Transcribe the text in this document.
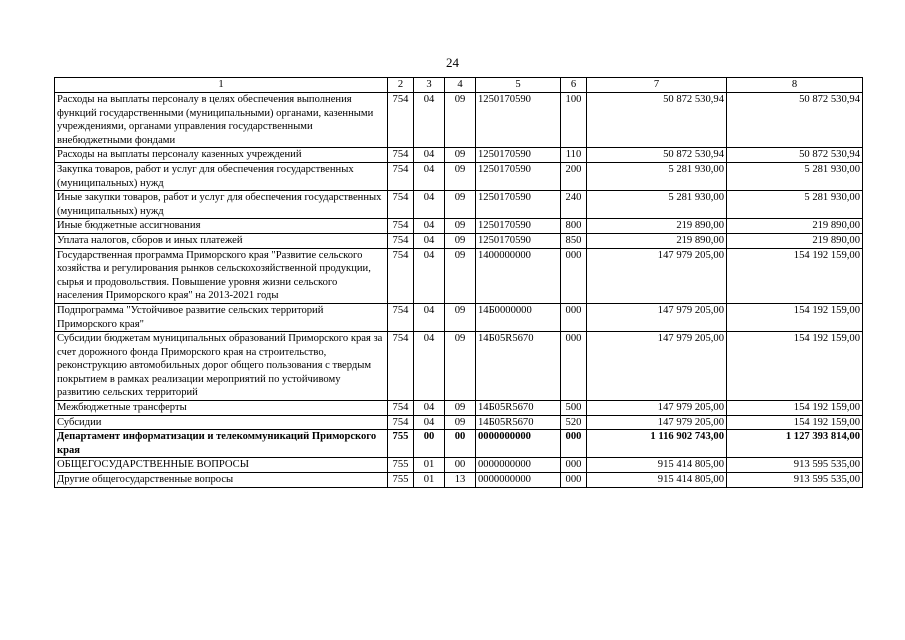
24
1	2	3	4	5	6	7	8
Расходы на выплаты персоналу в целях обеспечения выполнения функций государственными (муниципальными) органами, казенными учреждениями, органами управления государственными внебюджетными фондами	754	04	09	1250170590	100	50 872 530,94	50 872 530,94
Расходы на выплаты персоналу казенных учреждений	754	04	09	1250170590	110	50 872 530,94	50 872 530,94
Закупка товаров, работ и услуг для обеспечения государственных (муниципальных) нужд	754	04	09	1250170590	200	5 281 930,00	5 281 930,00
Иные закупки товаров, работ и услуг для обеспечения государственных (муниципальных) нужд	754	04	09	1250170590	240	5 281 930,00	5 281 930,00
Иные бюджетные ассигнования	754	04	09	1250170590	800	219 890,00	219 890,00
Уплата налогов, сборов и иных платежей	754	04	09	1250170590	850	219 890,00	219 890,00
Государственная программа Приморского края "Развитие сельского хозяйства и регулирования рынков сельскохозяйственной продукции, сырья и продовольствия. Повышение уровня жизни сельского населения Приморского края" на 2013-2021 годы	754	04	09	1400000000	000	147 979 205,00	154 192 159,00
Подпрограмма "Устойчивое развитие сельских территорий Приморского края"	754	04	09	14Б0000000	000	147 979 205,00	154 192 159,00
Субсидии бюджетам муниципальных образований Приморского края за счет дорожного фонда Приморского края на строительство, реконструкцию автомобильных дорог общего пользования с твердым покрытием в рамках реализации мероприятий по устойчивому развитию сельских территорий	754	04	09	14Б05R5670	000	147 979 205,00	154 192 159,00
Межбюджетные трансферты	754	04	09	14Б05R5670	500	147 979 205,00	154 192 159,00
Субсидии	754	04	09	14Б05R5670	520	147 979 205,00	154 192 159,00
Департамент информатизации и телекоммуникаций Приморского края	755	00	00	0000000000	000	1 116 902 743,00	1 127 393 814,00
ОБЩЕГОСУДАРСТВЕННЫЕ ВОПРОСЫ	755	01	00	0000000000	000	915 414 805,00	913 595 535,00
Другие общегосударственные вопросы	755	01	13	0000000000	000	915 414 805,00	913 595 535,00
